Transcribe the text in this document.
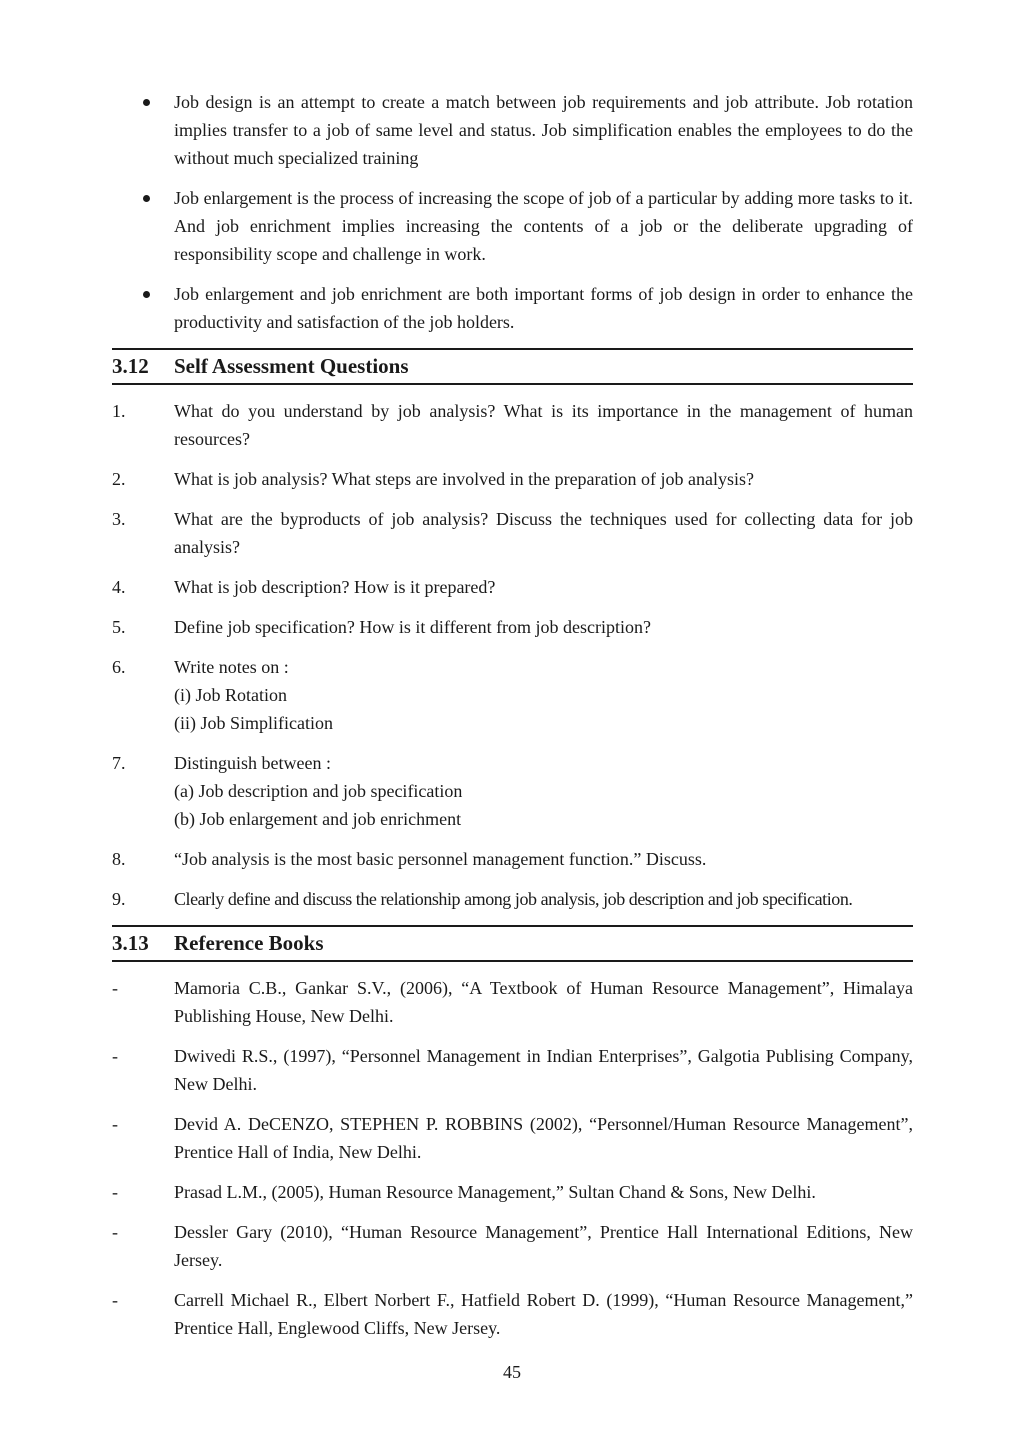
Job design is an attempt to create a match between job requirements and job attribute. Job rotation implies transfer to a job of same level and status. Job simplification enables the employees to do the without much specialized training
Job enlargement is the process of increasing the scope of job of a particular by adding more tasks to it. And job enrichment implies increasing the contents of a job or the deliberate upgrading of responsibility scope and challenge in work.
Job enlargement and job enrichment are both important forms of job design in order to enhance the productivity and satisfaction of the job holders.
3.12	Self Assessment Questions
1.	What do you understand by job analysis? What is its importance in the management of human resources?
2.	What is job analysis? What steps are involved in the preparation of job analysis?
3.	What are the byproducts of job analysis? Discuss the techniques used for collecting data for job analysis?
4.	What is job description? How is it prepared?
5.	Define job specification? How is it different from job description?
6.	Write notes on :
(i) Job Rotation
(ii) Job Simplification
7.	Distinguish between :
(a) Job description and job specification
(b) Job enlargement and job enrichment
8.	“Job analysis is the most basic personnel management function.” Discuss.
9.	Clearly define and discuss the relationship among job analysis, job description and job specification.
3.13	Reference Books
-	Mamoria C.B., Gankar S.V., (2006), “A Textbook of Human Resource Management”, Himalaya Publishing House, New Delhi.
-	Dwivedi R.S., (1997), “Personnel Management in Indian Enterprises”, Galgotia Publising Company, New Delhi.
-	Devid A. DeCENZO, STEPHEN P. ROBBINS (2002), “Personnel/Human Resource Management”, Prentice Hall of India, New Delhi.
-	Prasad L.M., (2005), Human Resource Management,” Sultan Chand & Sons, New Delhi.
-	Dessler Gary (2010), “Human Resource Management”, Prentice Hall International Editions, New Jersey.
-	Carrell Michael R., Elbert Norbert F., Hatfield Robert D. (1999), “Human Resource Management,” Prentice Hall, Englewood Cliffs, New Jersey.
45
